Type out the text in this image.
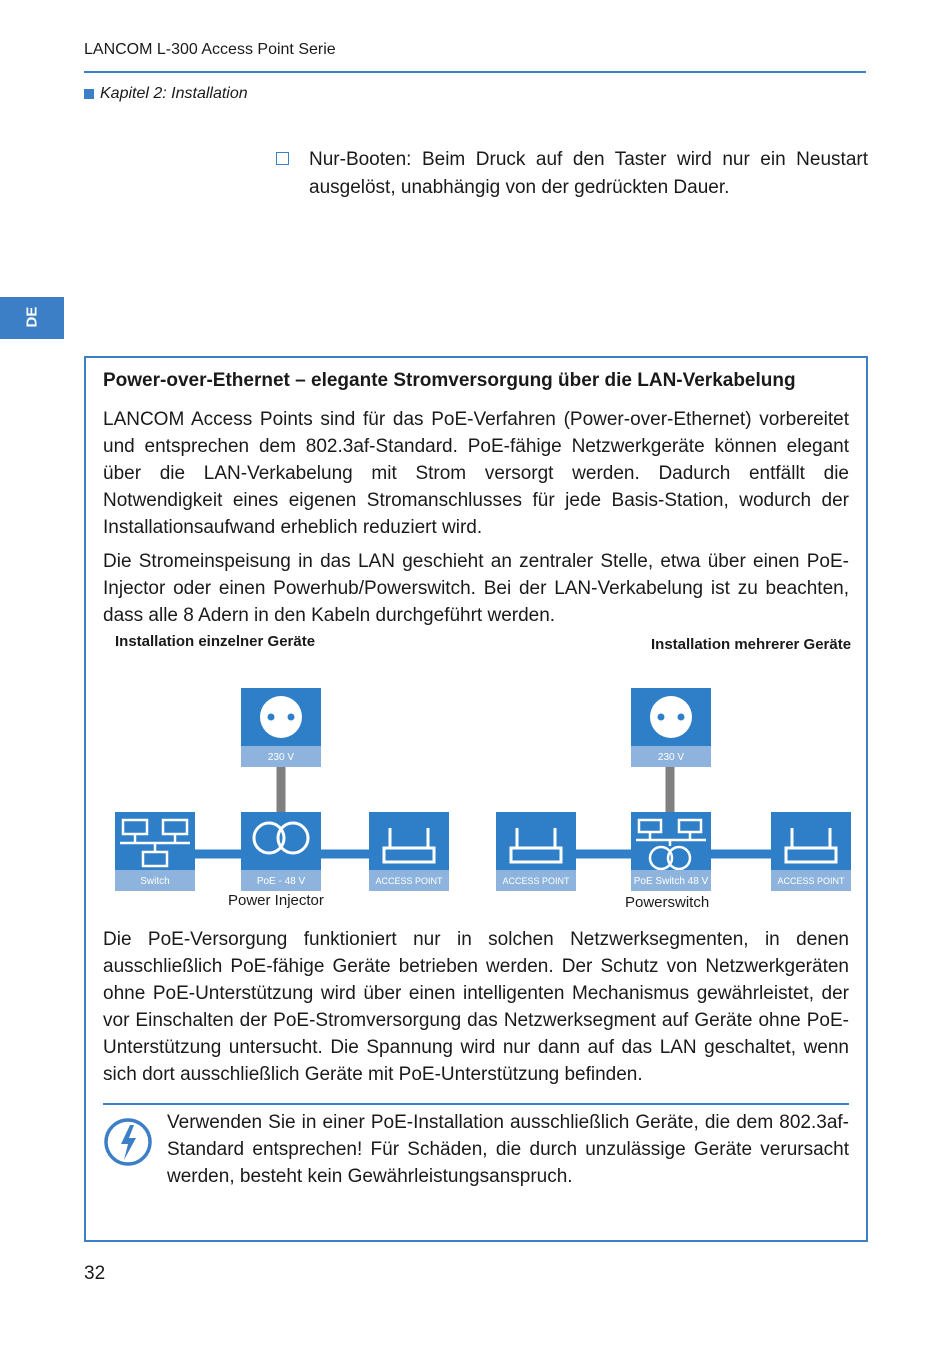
LANCOM L-300 Access Point Serie
Kapitel 2: Installation
Nur-Booten: Beim Druck auf den Taster wird nur ein Neustart ausgelöst, unabhängig von der gedrückten Dauer.
DE
Power-over-Ethernet – elegante Stromversorgung über die LAN-Verkabelung
LANCOM Access Points sind für das PoE-Verfahren (Power-over-Ethernet) vorbereitet und entsprechen dem 802.3af-Standard. PoE-fähige Netzwerkgeräte können elegant über die LAN-Verkabelung mit Strom versorgt werden. Dadurch entfällt die Notwendigkeit eines eigenen Stromanschlusses für jede Basis-Station, wodurch der Installationsaufwand erheblich reduziert wird.
Die Stromeinspeisung in das LAN geschieht an zentraler Stelle, etwa über einen PoE-Injector oder einen Powerhub/Powerswitch. Bei der LAN-Verkabelung ist zu beachten, dass alle 8 Adern in den Kabeln durchgeführt werden.
Installation einzelner Geräte	Installation mehrerer Geräte
230 V	230 V
Switch	PoE - 48 V	ACCESS POINT	ACCESS POINT	PoE Switch 48 V	ACCESS POINT
Power Injector	Powerswitch
Die PoE-Versorgung funktioniert nur in solchen Netzwerksegmenten, in denen ausschließlich PoE-fähige Geräte betrieben werden. Der Schutz von Netzwerkgeräten ohne PoE-Unterstützung wird über einen intelligenten Mechanismus gewährleistet, der vor Einschalten der PoE-Stromversorgung das Netzwerksegment auf Geräte ohne PoE-Unterstützung untersucht. Die Spannung wird nur dann auf das LAN geschaltet, wenn sich dort ausschließlich Geräte mit PoE-Unterstützung befinden.
Verwenden Sie in einer PoE-Installation ausschließlich Geräte, die dem 802.3af-Standard entsprechen! Für Schäden, die durch unzulässige Geräte verursacht werden, besteht kein Gewährleistungsanspruch.
32
